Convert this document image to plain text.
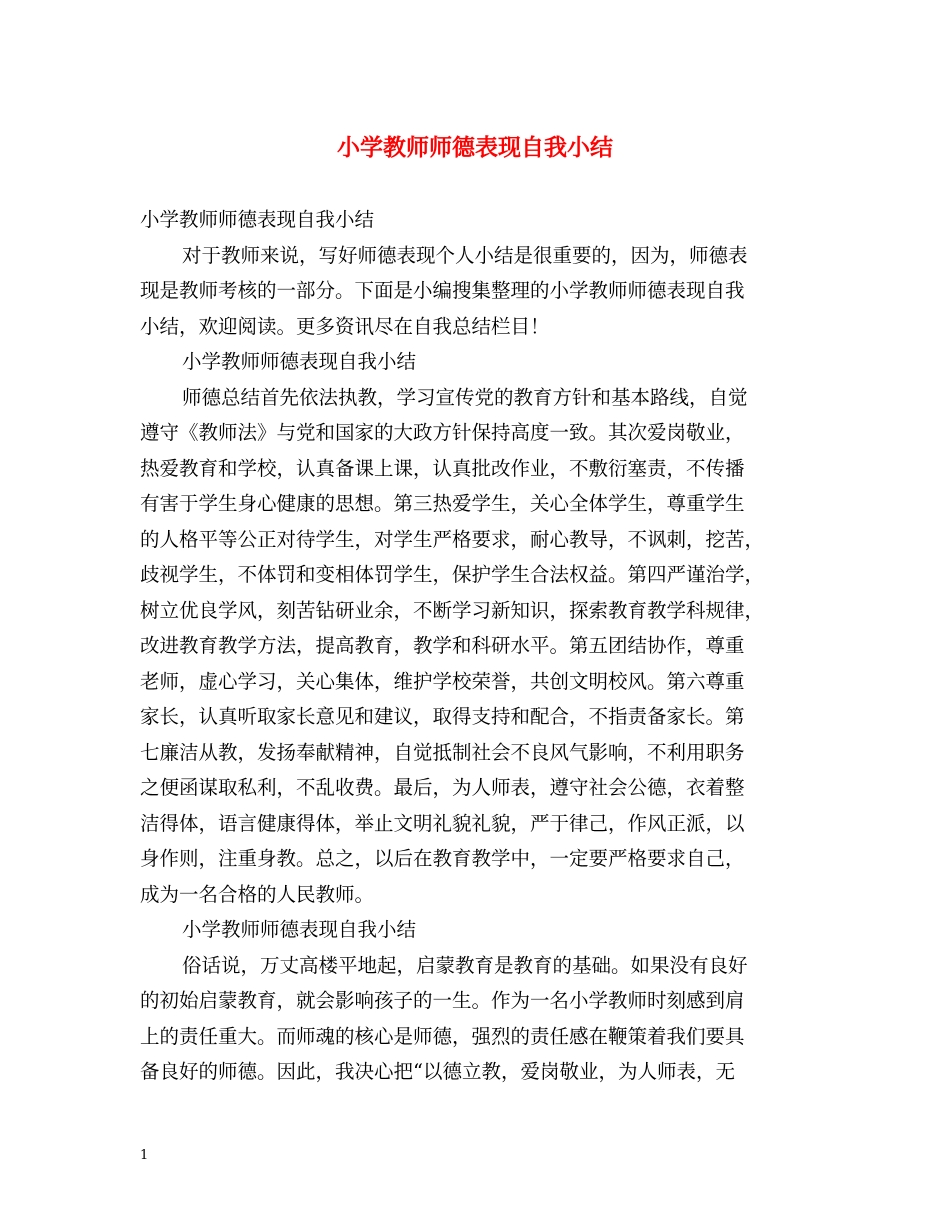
小学教师师德表现自我小结
小学教师师德表现自我小结
对于教师来说，写好师德表现个人小结是很重要的，因为，师德表
现是教师考核的一部分。下面是小编搜集整理的小学教师师德表现自我
小结，欢迎阅读。更多资讯尽在自我总结栏目！
小学教师师德表现自我小结
师德总结首先依法执教，学习宣传党的教育方针和基本路线，自觉
遵守《教师法》与党和国家的大政方针保持高度一致。其次爱岗敬业，
热爱教育和学校，认真备课上课，认真批改作业，不敷衍塞责，不传播
有害于学生身心健康的思想。第三热爱学生，关心全体学生，尊重学生
的人格平等公正对待学生，对学生严格要求，耐心教导，不讽刺，挖苦，
歧视学生，不体罚和变相体罚学生，保护学生合法权益。第四严谨治学，
树立优良学风，刻苦钻研业余，不断学习新知识，探索教育教学科规律，
改进教育教学方法，提高教育，教学和科研水平。第五团结协作，尊重
老师，虚心学习，关心集体，维护学校荣誉，共创文明校风。第六尊重
家长，认真听取家长意见和建议，取得支持和配合，不指责备家长。第
七廉洁从教，发扬奉献精神，自觉抵制社会不良风气影响，不利用职务
之便函谋取私利，不乱收费。最后，为人师表，遵守社会公德，衣着整
洁得体，语言健康得体，举止文明礼貌礼貌，严于律己，作风正派，以
身作则，注重身教。总之，以后在教育教学中，一定要严格要求自己，
成为一名合格的人民教师。
小学教师师德表现自我小结
俗话说，万丈高楼平地起，启蒙教育是教育的基础。如果没有良好
的初始启蒙教育，就会影响孩子的一生。作为一名小学教师时刻感到肩
上的责任重大。而师魂的核心是师德，强烈的责任感在鞭策着我们要具
备良好的师德。因此，我决心把“以德立教，爱岗敬业，为人师表，无
1
